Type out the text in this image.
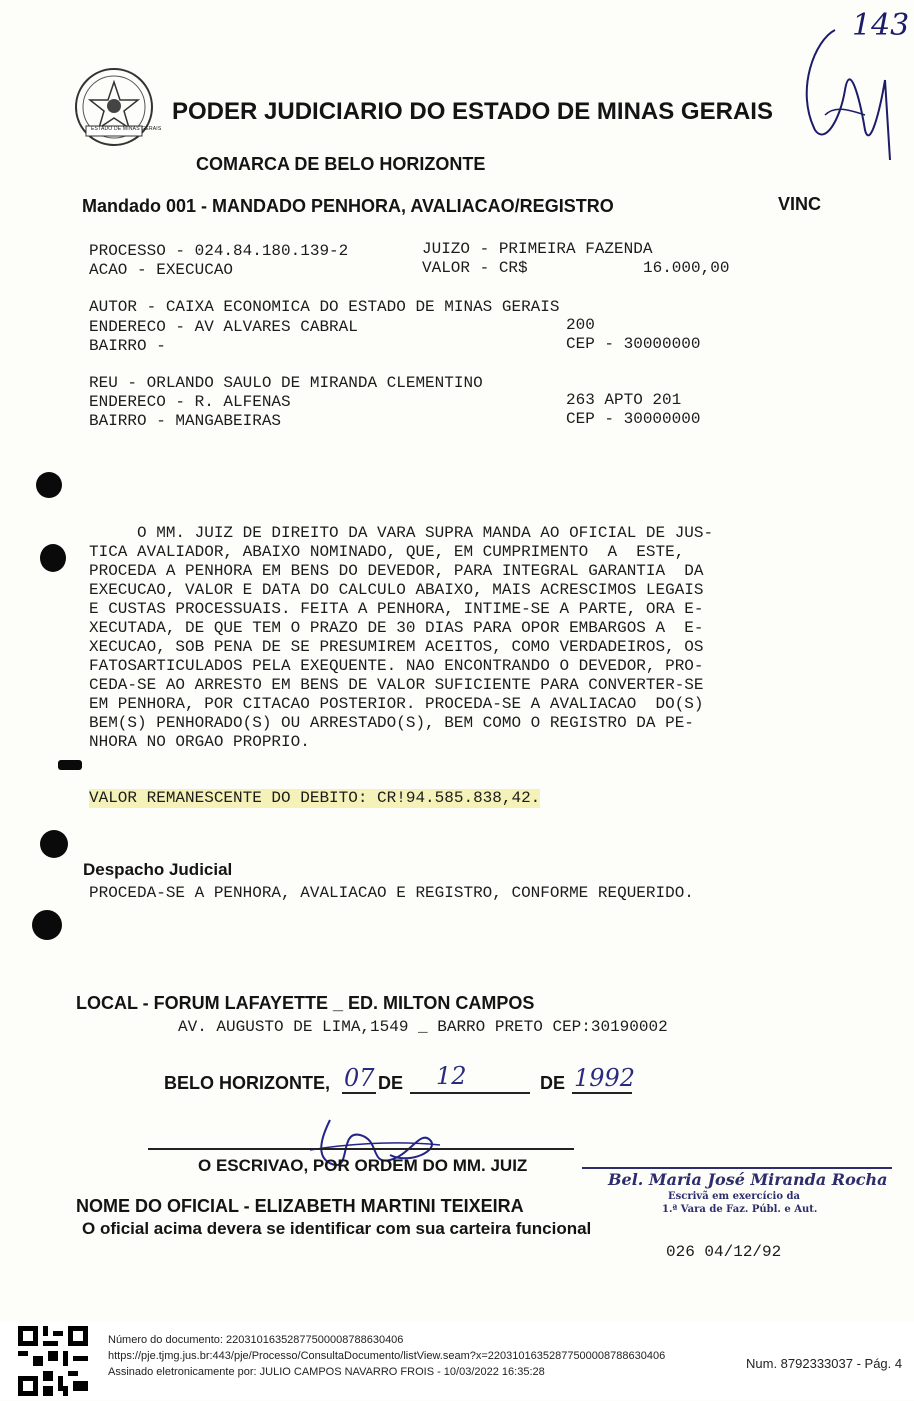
ESTADO DE MINAS GERAIS
PODER JUDICIARIO DO ESTADO DE MINAS GERAIS
143
COMARCA DE BELO HORIZONTE
Mandado 001 - MANDADO PENHORA, AVALIACAO/REGISTRO	VINC
PROCESSO - 024.84.180.139-2	JUIZO - PRIMEIRA FAZENDA
ACAO - EXECUCAO	VALOR - CR$	16.000,00
AUTOR - CAIXA ECONOMICA DO ESTADO DE MINAS GERAIS
ENDERECO - AV ALVARES CABRAL	200
BAIRRO -	CEP - 30000000
REU - ORLANDO SAULO DE MIRANDA CLEMENTINO
ENDERECO - R. ALFENAS	263 APTO 201
BAIRRO - MANGABEIRAS	CEP - 30000000
O MM. JUIZ DE DIREITO DA VARA SUPRA MANDA AO OFICIAL DE JUS-
TICA AVALIADOR, ABAIXO NOMINADO, QUE, EM CUMPRIMENTO  A  ESTE,
PROCEDA A PENHORA EM BENS DO DEVEDOR, PARA INTEGRAL GARANTIA  DA
EXECUCAO, VALOR E DATA DO CALCULO ABAIXO, MAIS ACRESCIMOS LEGAIS
E CUSTAS PROCESSUAIS. FEITA A PENHORA, INTIME-SE A PARTE, ORA E-
XECUTADA, DE QUE TEM O PRAZO DE 30 DIAS PARA OPOR EMBARGOS A  E-
XECUCAO, SOB PENA DE SE PRESUMIREM ACEITOS, COMO VERDADEIROS, OS
FATOSARTICULADOS PELA EXEQUENTE. NAO ENCONTRANDO O DEVEDOR, PRO-
CEDA-SE AO ARRESTO EM BENS DE VALOR SUFICIENTE PARA CONVERTER-SE
EM PENHORA, POR CITACAO POSTERIOR. PROCEDA-SE A AVALIACAO  DO(S)
BEM(S) PENHORADO(S) OU ARRESTADO(S), BEM COMO O REGISTRO DA PE-
NHORA NO ORGAO PROPRIO.
VALOR REMANESCENTE DO DEBITO: CR!94.585.838,42.
Despacho Judicial
PROCEDA-SE A PENHORA, AVALIACAO E REGISTRO, CONFORME REQUERIDO.
LOCAL - FORUM LAFAYETTE _ ED. MILTON CAMPOS
AV. AUGUSTO DE LIMA,1549 _ BARRO PRETO CEP:30190002
BELO HORIZONTE, 07 DE 12	DE 1992
O ESCRIVAO, POR ORDEM DO MM. JUIZ
Bel. Maria José Miranda Rocha
Escrivã em exercício da
1.ª Vara de Faz. Públ. e Aut.
NOME DO OFICIAL - ELIZABETH MARTINI TEIXEIRA
O oficial acima devera se identificar com sua carteira funcional
026 04/12/92
Número do documento: 22031016352877500008788630406
https://pje.tjmg.jus.br:443/pje/Processo/ConsultaDocumento/listView.seam?x=22031016352877500008788630406
Assinado eletronicamente por: JULIO CAMPOS NAVARRO FROIS - 10/03/2022 16:35:28
Num. 8792333037 - Pág. 4
